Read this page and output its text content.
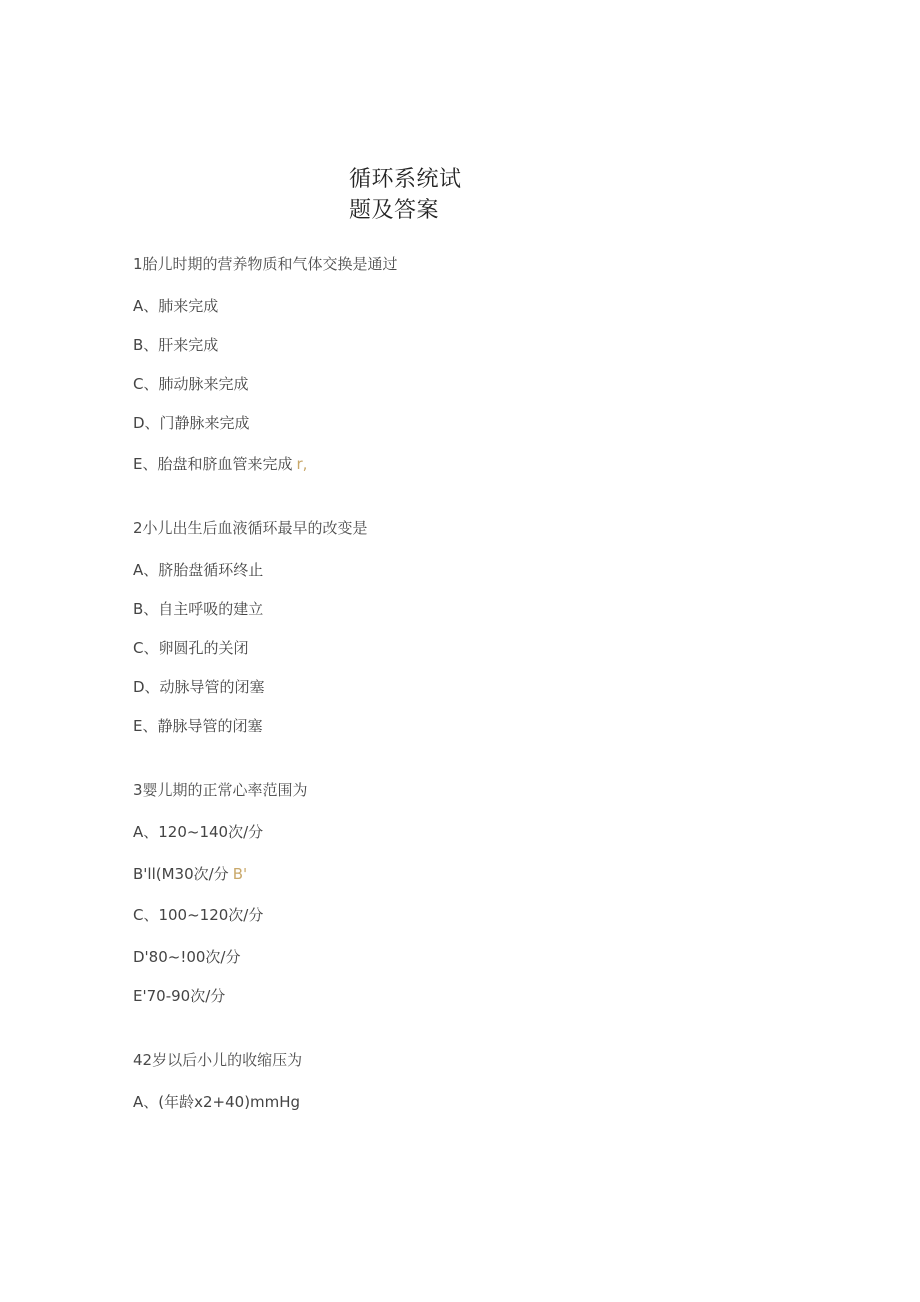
循环系统试
题及答案
1胎儿时期的营养物质和气体交换是通过
A、肺来完成
B、肝来完成
C、肺动脉来完成
D、门静脉来完成
E、胎盘和脐血管来完成 r,
2小儿出生后血液循环最早的改变是
A、脐胎盘循环终止
B、自主呼吸的建立
C、卵圆孔的关闭
D、动脉导管的闭塞
E、静脉导管的闭塞
3婴儿期的正常心率范围为
A、120~140次/分
B'll(M30次/分 B'
C、100~120次/分
D'80~!00次/分
E'70-90次/分
42岁以后小儿的收缩压为
A、(年龄x2+40)mmHg
